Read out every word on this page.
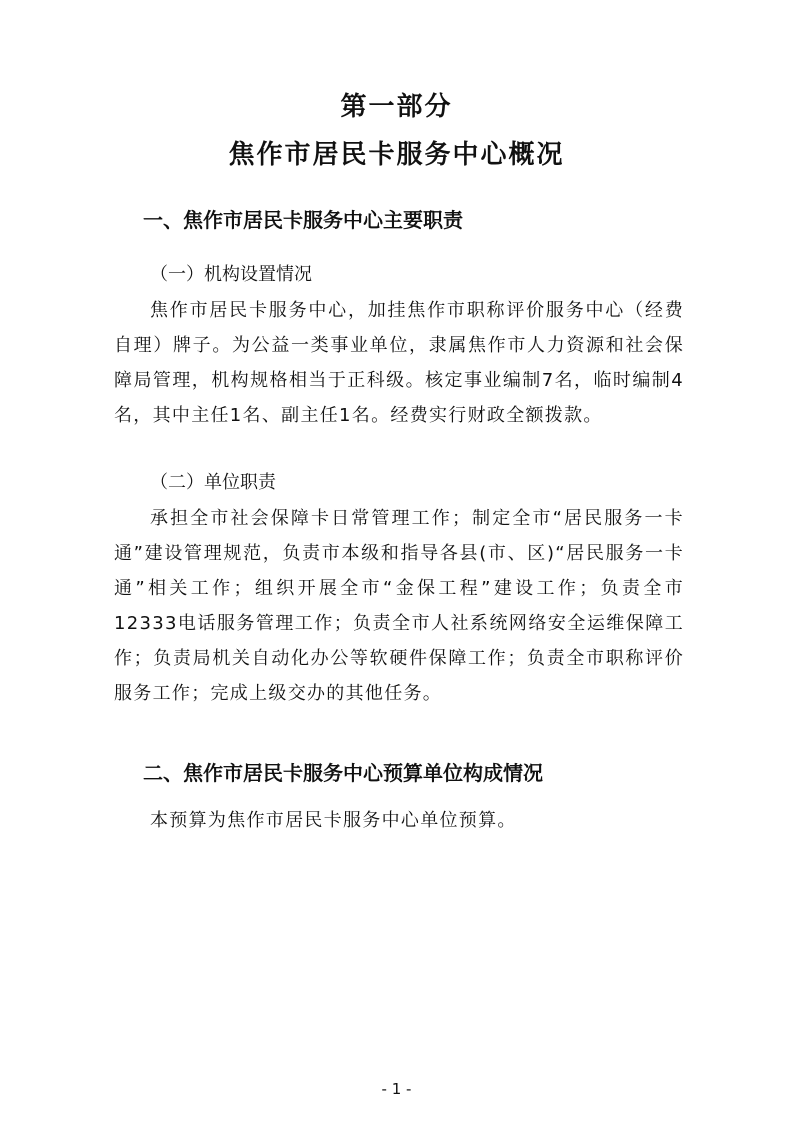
第一部分
焦作市居民卡服务中心概况
一、焦作市居民卡服务中心主要职责
（一）机构设置情况
焦作市居民卡服务中心，加挂焦作市职称评价服务中心（经费自理）牌子。为公益一类事业单位，隶属焦作市人力资源和社会保障局管理，机构规格相当于正科级。核定事业编制7名，临时编制4名，其中主任1名、副主任1名。经费实行财政全额拨款。
（二）单位职责
承担全市社会保障卡日常管理工作；制定全市“居民服务一卡通”建设管理规范，负责市本级和指导各县(市、区)“居民服务一卡通”相关工作；组织开展全市“金保工程”建设工作；负责全市12333电话服务管理工作；负责全市人社系统网络安全运维保障工作；负责局机关自动化办公等软硬件保障工作；负责全市职称评价服务工作；完成上级交办的其他任务。
二、焦作市居民卡服务中心预算单位构成情况
本预算为焦作市居民卡服务中心单位预算。
- 1 -
